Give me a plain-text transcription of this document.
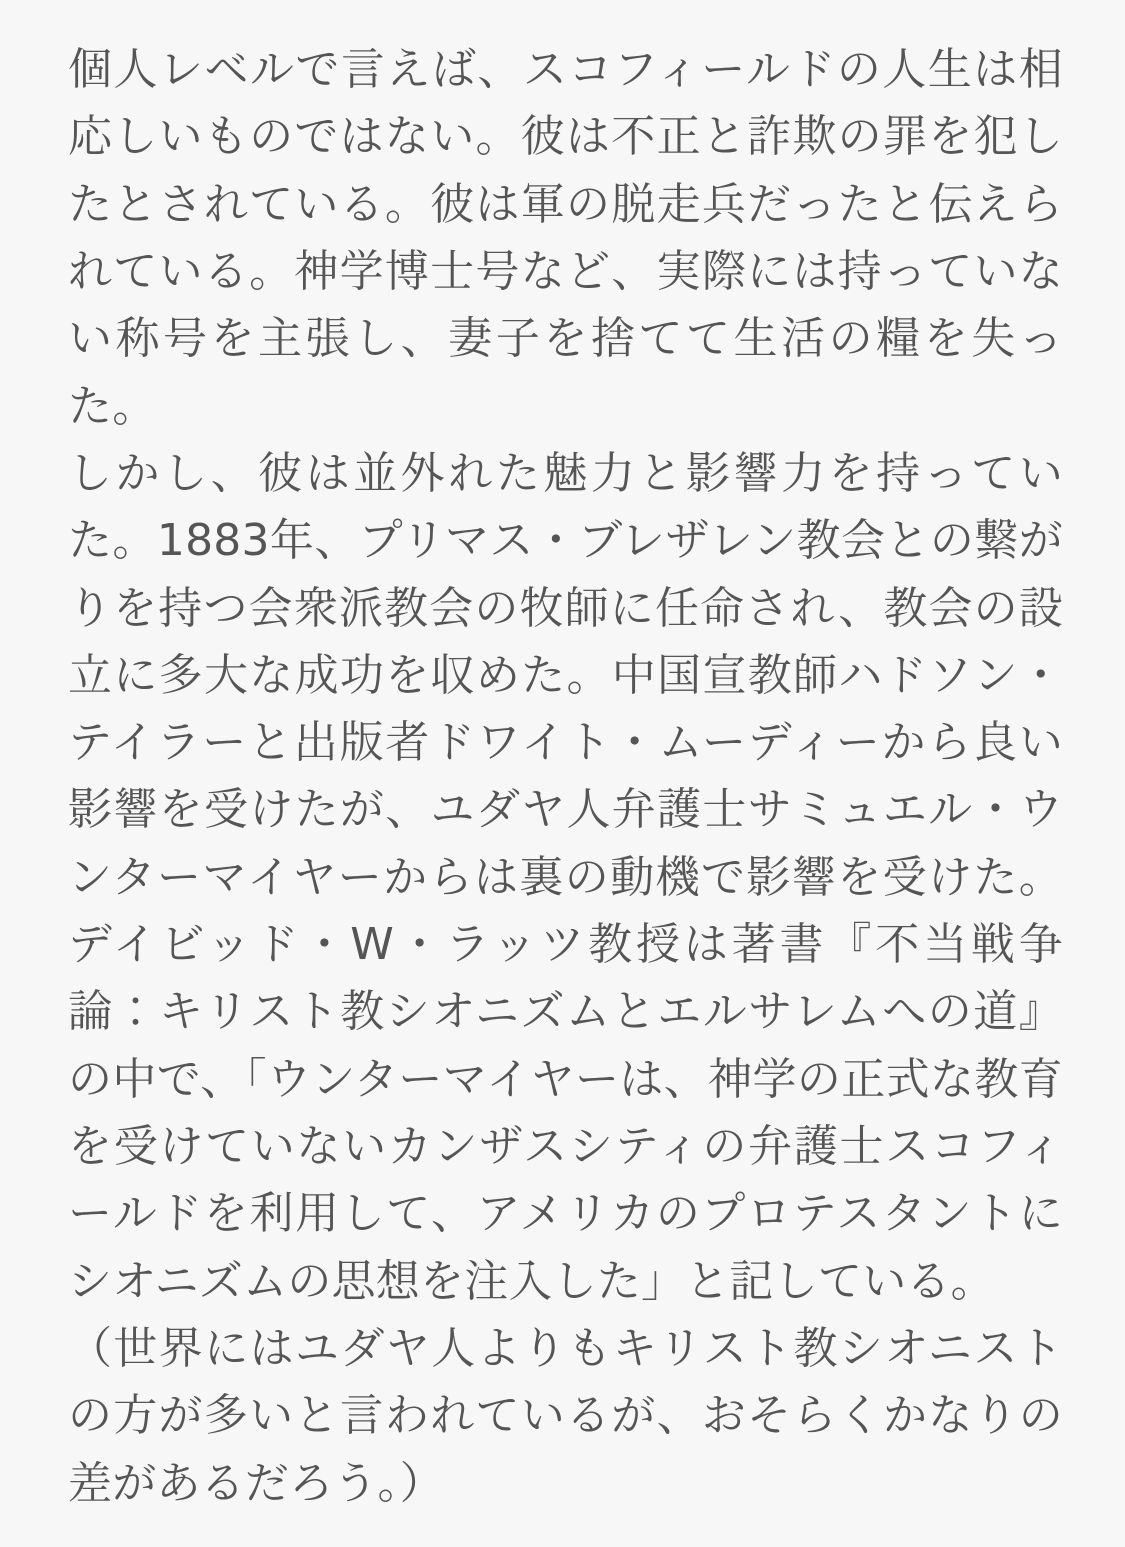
個人レベルで言えば、スコフィールドの人生は相応しいものではない。彼は不正と詐欺の罪を犯したとされている。彼は軍の脱走兵だったと伝えられている。神学博士号など、実際には持っていない称号を主張し、妻子を捨てて生活の糧を失った。

しかし、彼は並外れた魅力と影響力を持っていた。1883年、プリマス・ブレザレン教会との繋がりを持つ会衆派教会の牧師に任命され、教会の設立に多大な成功を収めた。中国宣教師ハドソン・テイラーと出版者ドワイト・ムーディーから良い影響を受けたが、ユダヤ人弁護士サミュエル・ウンターマイヤーからは裏の動機で影響を受けた。デイビッド・W・ラッツ教授は著書『不当戦争論：キリスト教シオニズムとエルサレムへの道』の中で、「ウンターマイヤーは、神学の正式な教育を受けていないカンザスシティの弁護士スコフィールドを利用して、アメリカのプロテスタントにシオニズムの思想を注入した」と記している。

（世界にはユダヤ人よりもキリスト教シオニストの方が多いと言われているが、おそらくかなりの差があるだろう。）
